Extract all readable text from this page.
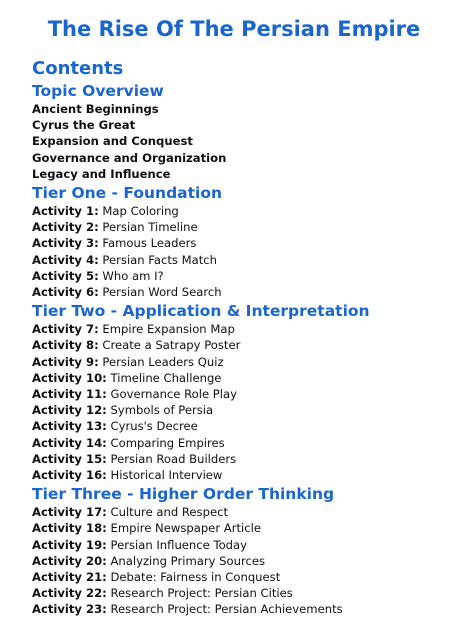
The Rise Of The Persian Empire
Contents
Topic Overview
Ancient Beginnings
Cyrus the Great
Expansion and Conquest
Governance and Organization
Legacy and Influence
Tier One - Foundation
Activity 1: Map Coloring
Activity 2: Persian Timeline
Activity 3: Famous Leaders
Activity 4: Persian Facts Match
Activity 5: Who am I?
Activity 6: Persian Word Search
Tier Two - Application & Interpretation
Activity 7: Empire Expansion Map
Activity 8: Create a Satrapy Poster
Activity 9: Persian Leaders Quiz
Activity 10: Timeline Challenge
Activity 11: Governance Role Play
Activity 12: Symbols of Persia
Activity 13: Cyrus's Decree
Activity 14: Comparing Empires
Activity 15: Persian Road Builders
Activity 16: Historical Interview
Tier Three - Higher Order Thinking
Activity 17: Culture and Respect
Activity 18: Empire Newspaper Article
Activity 19: Persian Influence Today
Activity 20: Analyzing Primary Sources
Activity 21: Debate: Fairness in Conquest
Activity 22: Research Project: Persian Cities
Activity 23: Research Project: Persian Achievements
